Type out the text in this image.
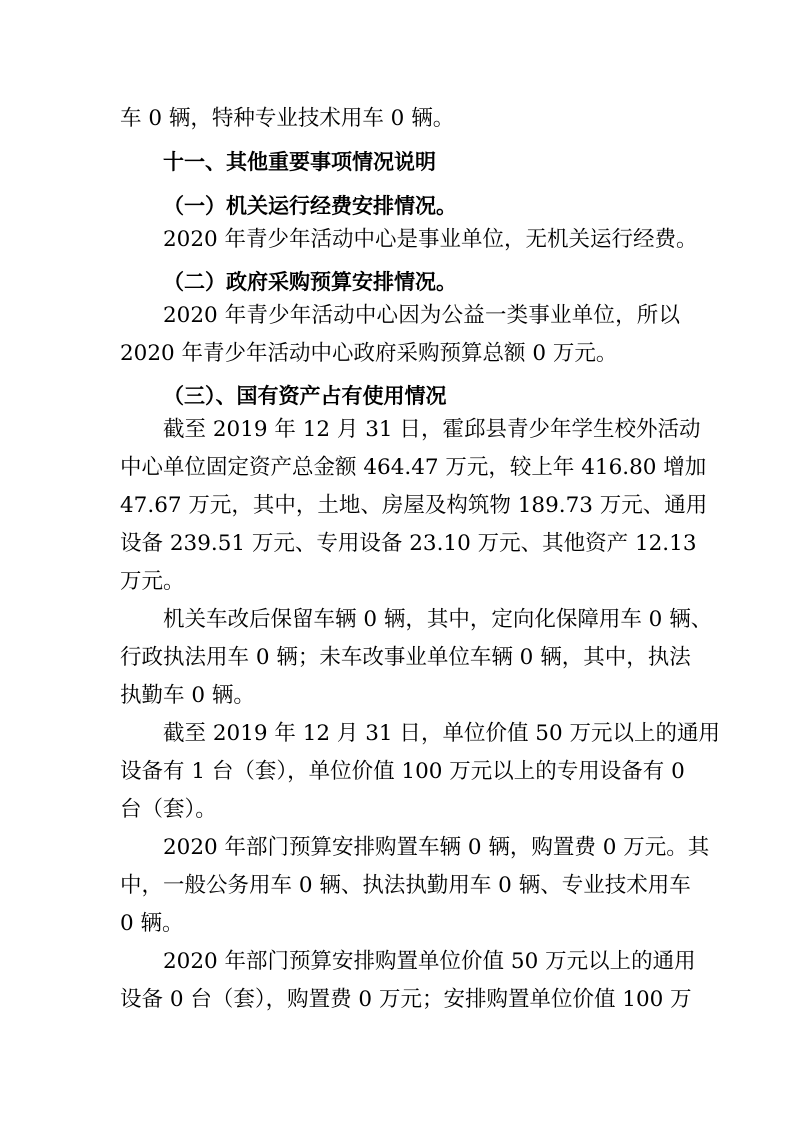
车 0 辆，特种专业技术用车 0 辆。
十一、其他重要事项情况说明
（一）机关运行经费安排情况。
2020 年青少年活动中心是事业单位，无机关运行经费。
（二）政府采购预算安排情况。
2020 年青少年活动中心因为公益一类事业单位，所以
2020 年青少年活动中心政府采购预算总额 0 万元。
（三）、国有资产占有使用情况
截至 2019 年 12 月 31 日，霍邱县青少年学生校外活动
中心单位固定资产总金额 464.47 万元，较上年 416.80 增加
47.67 万元，其中，土地、房屋及构筑物 189.73 万元、通用
设备 239.51 万元、专用设备 23.10 万元、其他资产 12.13
万元。
机关车改后保留车辆 0 辆，其中，定向化保障用车 0 辆、
行政执法用车 0 辆；未车改事业单位车辆 0 辆，其中，执法
执勤车 0 辆。
截至 2019 年 12 月 31 日，单位价值 50 万元以上的通用
设备有 1 台（套），单位价值 100 万元以上的专用设备有 0
台（套）。
2020 年部门预算安排购置车辆 0 辆，购置费 0 万元。其
中，一般公务用车 0 辆、执法执勤用车 0 辆、专业技术用车
0 辆。
2020 年部门预算安排购置单位价值 50 万元以上的通用
设备 0 台（套），购置费 0 万元；安排购置单位价值 100 万
